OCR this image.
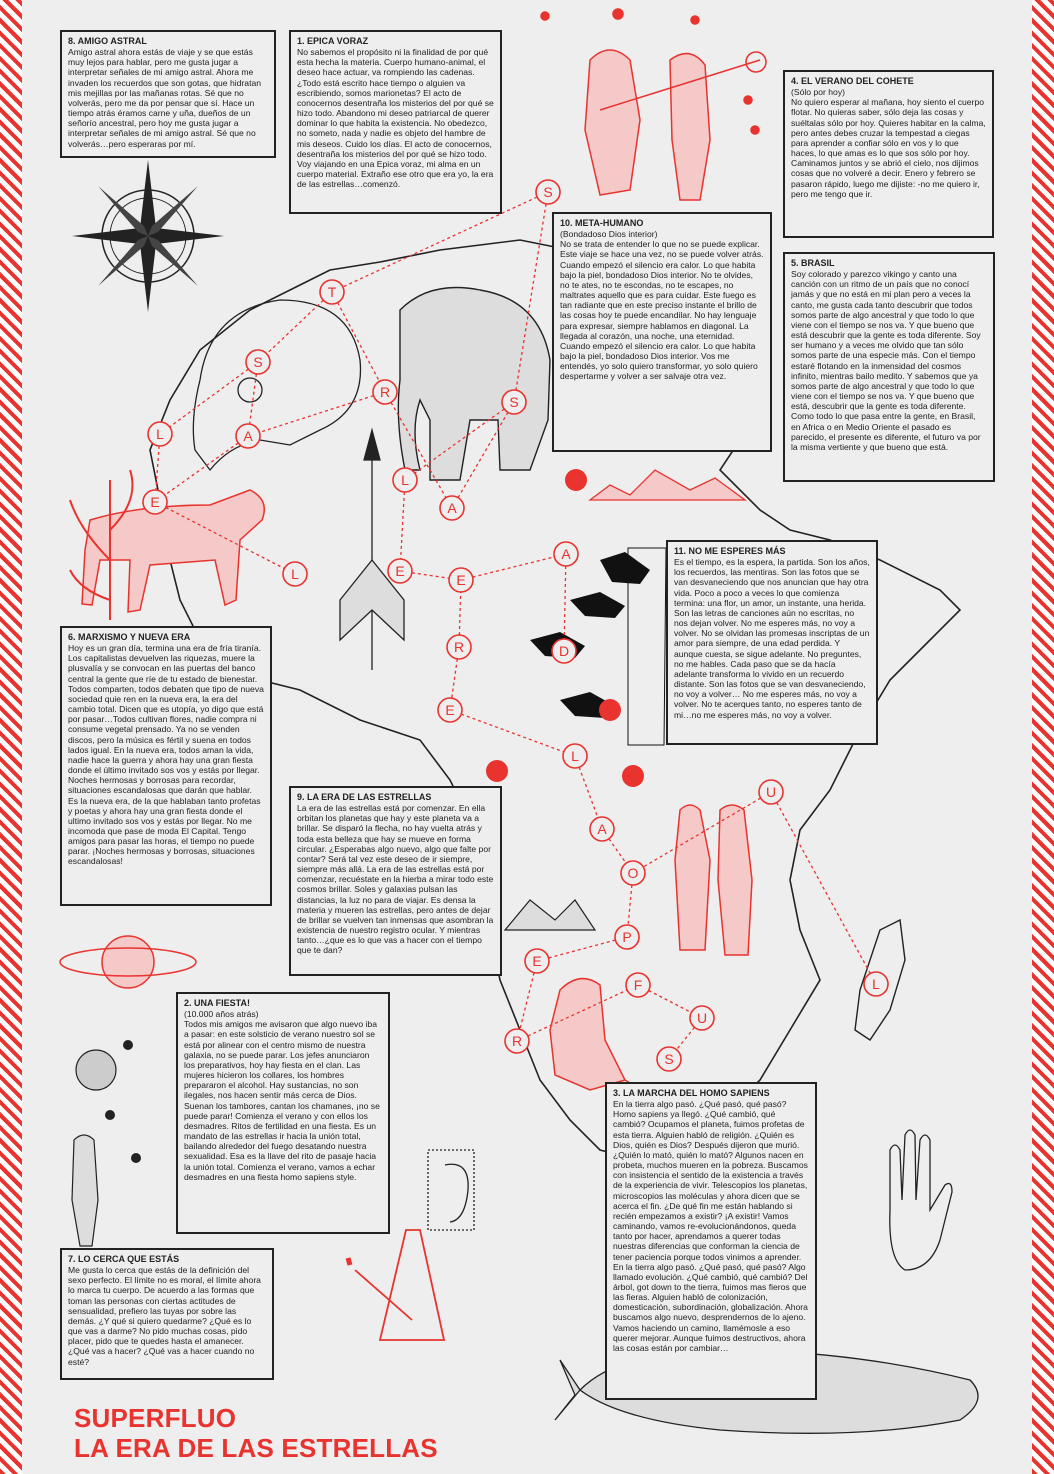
S
T
S
R
L	A
E
L
S
L
A
E
E
A
R	D
E
L
A
O
U
P
E
F
R
U
S
L
8. AMIGO ASTRAL
Amigo astral ahora estás de viaje y se que estás muy lejos para hablar, pero me gusta jugar a interpretar señales de mi amigo astral. Ahora me invaden los recuerdos que son gotas, que hidratan mis mejillas por las mañanas rotas. Sé que no volverás, pero me da por pensar que sí. Hace un tiempo atrás éramos carne y uña, dueños de un señorío ancestral, pero hoy me gusta jugar a interpretar señales de mi amigo astral. Sé que no volverás…pero esperaras por mí.
1. EPICA VORAZ
No sabemos el propósito ni la finalidad de por qué esta hecha la materia. Cuerpo humano-animal, el deseo hace actuar, va rompiendo las cadenas. ¿Todo está escrito hace tiempo o alguien va escribiendo, somos marionetas? El acto de conocernos desentraña los misterios del por qué se hizo todo. Abandono mi deseo patriarcal de querer dominar lo que habita la existencia. No obedezco, no someto, nada y nadie es objeto del hambre de mis deseos. Cuido los días. El acto de conocernos, desentraña los misterios del por qué se hizo todo. Voy viajando en una Epica voraz, mi alma en un cuerpo material. Extraño ese otro que era yo, la era de las estrellas…comenzó.
4. EL VERANO DEL COHETE
(Sólo por hoy)
No quiero esperar al mañana, hoy siento el cuerpo flotar. No quieras saber, sólo deja las cosas y suéltalas sólo por hoy. Quieres habitar en la calma, pero antes debes cruzar la tempestad a ciegas para aprender a confiar sólo en vos y lo que haces, lo que amas es lo que sos sólo por hoy. Caminamos juntos y se abrió el cielo, nos dijimos cosas que no volveré a decir. Enero y febrero se pasaron rápido, luego me dijiste: -no me quiero ir, pero me tengo que ir.
10. META-HUMANO
(Bondadoso Dios interior)
No se trata de entender lo que no se puede explicar. Este viaje se hace una vez, no se puede volver atrás. Cuando empezó el silencio era calor. Lo que habita bajo la piel, bondadoso Dios interior. No te olvides, no te ates, no te escondas, no te escapes, no maltrates aquello que es para cuidar. Este fuego es tan radiante que en este preciso instante el brillo de las cosas hoy te puede encandilar. No hay lenguaje para expresar, siempre hablamos en diagonal. La llegada al corazón, una noche, una eternidad. Cuando empezó el silencio era calor. Lo que habita bajo la piel, bondadoso Dios interior. Vos me entendés, yo solo quiero transformar, yo solo quiero despertarme y volver a ser salvaje otra vez.
5. BRASIL
Soy colorado y parezco vikingo y canto una canción con un ritmo de un país que no conocí jamás y que no está en mi plan pero a veces la canto, me gusta cada tanto descubrir que todos somos parte de algo ancestral y que todo lo que viene con el tiempo se nos va. Y que bueno que está descubrir que la gente es toda diferente. Soy ser humano y a veces me olvido que tan sólo somos parte de una especie más. Con el tiempo estaré flotando en la inmensidad del cosmos infinito, mientras bailo medito. Y sabemos que ya somos parte de algo ancestral y que todo lo que viene con el tiempo se nos va. Y que bueno que está, descubrir que la gente es toda diferente. Como todo lo que pasa entre la gente, en Brasil, en Africa o en Medio Oriente el pasado es parecido, el presente es diferente, el futuro va por la misma vertiente y que bueno que está.
11. NO ME ESPERES MÁS
Es el tiempo, es la espera, la partida. Son los años, los recuerdos, las mentiras. Son las fotos que se van desvaneciendo que nos anuncian que hay otra vida. Poco a poco a veces lo que comienza termina: una flor, un amor, un instante, una herida. Son las letras de canciones aún no escritas, no nos dejan volver. No me esperes más, no voy a volver. No se olvidan las promesas inscriptas de un amor para siempre, de una edad perdida. Y aunque cuesta, se sigue adelante. No preguntes, no me hables. Cada paso que se da hacía adelante transforma lo vivido en un recuerdo distante. Son las fotos que se van desvaneciendo, no voy a volver… No me esperes más, no voy a volver. No te acerques tanto, no esperes tanto de mi…no me esperes más, no voy a volver.
6. MARXISMO Y NUEVA ERA
Hoy es un gran día, termina una era de fría tiranía. Los capitalistas devuelven las riquezas, muere la plusvalía y se convocan en las puertas del banco central la gente que ríe de tu estado de bienestar. Todos comparten, todos debaten que tipo de nueva sociedad quie ren en la nueva era, la era del cambio total. Dicen que es utopía, yo digo que está por pasar…Todos cultivan flores, nadie compra ni consume vegetal prensado. Ya no se venden discos, pero la música es fértil y suena en todos lados igual. En la nueva era, todos aman la vida, nadie hace la guerra y ahora hay una gran fiesta donde el último invitado sos vos y estás por llegar. Noches hermosas y borrosas para recordar, situaciones escandalosas que darán que hablar. Es la nueva era, de la que hablaban tanto profetas y poetas y ahora hay una gran fiesta donde el ultimo invitado sos vos y estás por llegar. No me incomoda que pase de moda El Capital. Tengo amigos para pasar las horas, el tiempo no puede parar. ¡Noches hermosas y borrosas, situaciones escandalosas!
9. LA ERA DE LAS ESTRELLAS
La era de las estrellas está por comenzar. En ella orbitan los planetas que hay y este planeta va a brillar. Se disparó la flecha, no hay vuelta atrás y toda esta belleza que hay se mueve en forma circular. ¿Esperabas algo nuevo, algo que falte por contar? Será tal vez este deseo de ir siempre, siempre más allá. La era de las estrellas está por comenzar, recuéstate en la hierba a mirar todo este cosmos brillar. Soles y galaxias pulsan las distancias, la luz no para de viajar. Es densa la materia y mueren las estrellas, pero antes de dejar de brillar se vuelven tan inmensas que asombran la existencia de nuestro registro ocular. Y mientras tanto…¿que es lo que vas a hacer con el tiempo que te dan?
2. UNA FIESTA!
(10.000 años atrás)
Todos mis amigos me avisaron que algo nuevo iba a pasar: en este solsticio de verano nuestro sol se está por alinear con el centro mismo de nuestra galaxia, no se puede parar. Los jefes anunciaron los preparativos, hoy hay fiesta en el clan. Las mujeres hicieron los collares, los hombres prepararon el alcohol. Hay sustancias, no son ilegales, nos hacen sentir más cerca de Dios. Suenan los tambores, cantan los chamanes, ¡no se puede parar! Comienza el verano y con ellos los desmadres. Ritos de fertilidad en una fiesta. Es un mandato de las estrellas ir hacia la unión total, bailando alrededor del fuego desatando nuestra sexualidad. Esa es la llave del rito de pasaje hacia la unión total. Comienza el verano, vamos a echar desmadres en una fiesta homo sapiens style.
7. LO CERCA QUE ESTÁS
Me gusta lo cerca que estás de la definición del sexo perfecto. El límite no es moral, el límite ahora lo marca tu cuerpo. De acuerdo a las formas que toman las personas con ciertas actitudes de sensualidad, prefiero las tuyas por sobre las demás. ¿Y qué si quiero quedarme? ¿Qué es lo que vas a darme? No pido muchas cosas, pido placer, pido que te quedes hasta el amanecer. ¿Qué vas a hacer? ¿Qué vas a hacer cuando no esté?
3. LA MARCHA DEL HOMO SAPIENS
En la tierra algo pasó. ¿Qué pasó, qué pasó? Homo sapiens ya llegó. ¿Qué cambió, qué cambió? Ocupamos el planeta, fuimos profetas de esta tierra. Alguien habló de religión. ¿Quién es Dios, quién es Dios? Después dijeron que murió. ¿Quién lo mató, quién lo mató? Algunos nacen en probeta, muchos mueren en la pobreza. Buscamos con insistencia el sentido de la existencia a través de la experiencia de vivir. Telescopios los planetas, microscopios las moléculas y ahora dicen que se acerca el fin. ¿De qué fin me están hablando si recién empezamos a existir? ¡A existir! Vamos caminando, vamos re-evolucionándonos, queda tanto por hacer, aprendamos a querer todas nuestras diferencias que conforman la ciencia de tener paciencia porque todos vinimos a aprender. En la tierra algo pasó. ¿Qué pasó, qué pasó? Algo llamado evolución. ¿Qué cambió, qué cambió? Del árbol, got down to the tierra, fuimos mas fieros que las fieras. Alguien habló de colonización, domesticación, subordinación, globalización. Ahora buscamos algo nuevo, desprendernos de lo ajeno. Vamos haciendo un camino, llamémosle a eso querer mejorar. Aunque fuimos destructivos, ahora las cosas están por cambiar…
SUPERFLUO
LA ERA DE LAS ESTRELLAS
